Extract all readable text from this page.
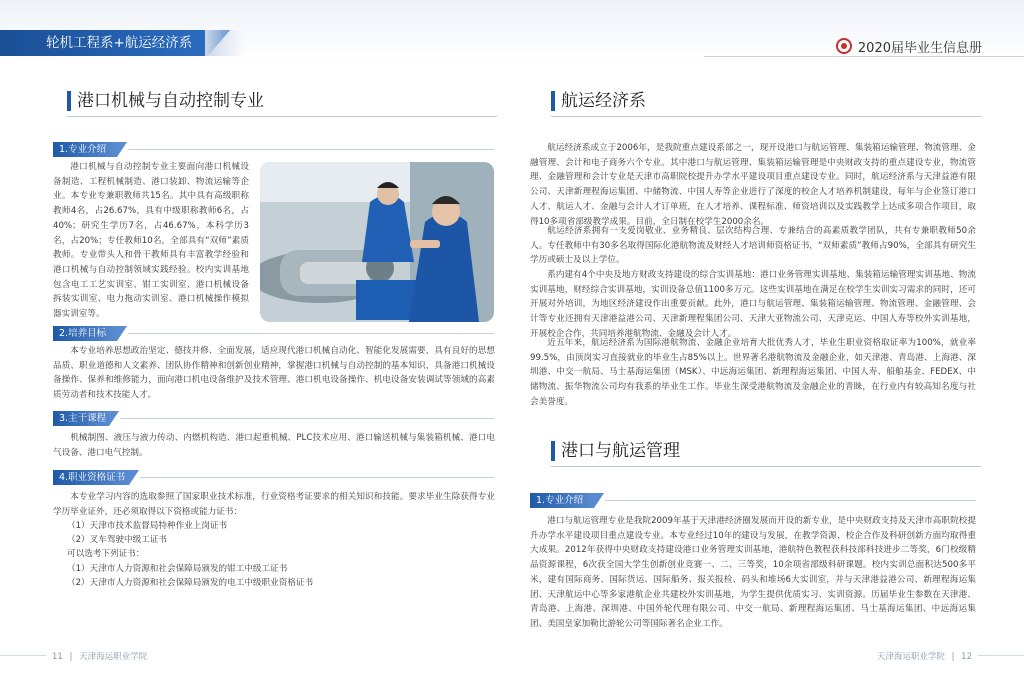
轮机工程系+航运经济系	2020届毕业生信息册
港口机械与自动控制专业
1.专业介绍

港口机械与自动控制专业主要面向港口机械设备制造、工程机械制造、港口装卸、物流运输等企业。本专业专兼职教师共15名。其中具有高级职称教师4名，占26.67%，具有中级职称教师6名，占40%；研究生学历7名，占46.67%，本科学历3名，占20%；专任教师10名，全部具有“双师”素质教师。专业带头人和骨干教师具有丰富教学经验和港口机械与自动控制领域实践经验。校内实训基地包含电工工艺实训室、钳工实训室、港口机械设备拆装实训室、电力拖动实训室、港口机械操作模拟器实训室等。

2.培养目标

本专业培养思想政治坚定、德技并修、全面发展，适应现代港口机械自动化、智能化发展需要，具有良好的思想品质、职业道德和人文素养、团队协作精神和创新创业精神，掌握港口机械与自动控制的基本知识，具备港口机械设备操作、保养和维修能力，面向港口机电设备维护及技术管理、港口机电设备操作、机电设备安装调试等领域的高素质劳动者和技术技能人才。

3.主干课程

机械制图、液压与液力传动、内燃机构造、港口起重机械、PLC技术应用、港口输送机械与集装箱机械、港口电气设备、港口电气控制。

4.职业资格证书

本专业学习内容的选取参照了国家职业技术标准，行业资格考证要求的相关知识和技能。要求毕业生除获得专业学历毕业证外，还必须取得以下资格或能力证书：

（1）天津市技术监督局特种作业上岗证书
（2）叉车驾驶中级工证书
可以选考下列证书：
（1）天津市人力资源和社会保障局颁发的钳工中级工证书
（2）天津市人力资源和社会保障局颁发的电工中级职业资格证书
航运经济系

航运经济系成立于2006年，是我院重点建设系部之一，现开设港口与航运管理、集装箱运输管理、物流管理、金融管理、会计和电子商务六个专业。其中港口与航运管理、集装箱运输管理是中央财政支持的重点建设专业，物流管理、金融管理和会计专业是天津市高职院校提升办学水平建设项目重点建设专业。同时，航运经济系与天津益港有限公司、天津新理程海运集团、中储物流、中国人寿等企业进行了深度的校企人才培养机制建设，每年与企业签订港口人才、航运人才、金融与会计人才订单班，在人才培养、课程标准、师资培训以及实践教学上达成多项合作项目，取得10多项省部级教学成果。目前，全日制在校学生2000余名。

航运经济系拥有一支爱岗敬业、业务精良、层次结构合理、专兼结合的高素质教学团队，共有专兼职教师50余人。专任教师中有30多名取得国际化港航物流及财经人才培训师资格证书，“双师素质”教师占90%，全部具有研究生学历或硕士及以上学位。

系内建有4个中央及地方财政支持建设的综合实训基地：港口业务管理实训基地、集装箱运输管理实训基地、物流实训基地，财经综合实训基地，实训设备总值1100多万元。这些实训基地在满足在校学生实训实习需求的同时，还可开展对外培训，为地区经济建设作出重要贡献。此外，港口与航运管理、集装箱运输管理、物流管理、金融管理、会计等专业还拥有天津港益港公司、天津新理程集团公司、天津大亚物流公司、天津克运、中国人寿等校外实训基地，开展校企合作，共同培养港航物流、金融及会计人才。

近五年来，航运经济系为国际港航物流、金融企业培育大批优秀人才，毕业生职业资格取证率为100%，就业率99.5%，由顶岗实习直接就业的毕业生占85%以上。世界著名港航物流及金融企业，如天津港、青岛港、上海港、深圳港、中交一航局、马士基海运集团（MSK）、中远海运集团、新理程海运集团、中国人寿、船舶基金、FEDEX、中储物流、振华物流公司均有我系的毕业生工作。毕业生深受港航物流及金融企业的青睐，在行业内有较高知名度与社会美誉度。

港口与航运管理
1.专业介绍

港口与航运管理专业是我院2009年基于天津港经济圈发展而开设的新专业，是中央财政支持及天津市高职院校提升办学水平建设项目重点建设专业。本专业经过10年的建设与发展，在教学资源、校企合作及科研创新方面均取得重大成果。2012年获得中央财政支持建设港口业务管理实训基地，港航特色教程获科技部科技进步二等奖，6门校级精品资源课程，6次获全国大学生创新创业竞赛一、二、三等奖，10余项省部级科研课题。校内实训总面积达500多平米，建有国际商务、国际货运、国际船务、报关报检、码头和堆场6大实训室，并与天津港益港公司、新理程海运集团、天津航运中心等多家港航企业共建校外实训基地，为学生提供优质实习、实训资源。历届毕业生参数在天津港、青岛港、上海港、深圳港、中国外轮代理有限公司、中交一航局、新理程海运集团、马士基海运集团、中远海运集团、美国皇家加勒比游轮公司等国际著名企业工作。

11 | 天津海运职业学院	天津海运职业学院 | 12
